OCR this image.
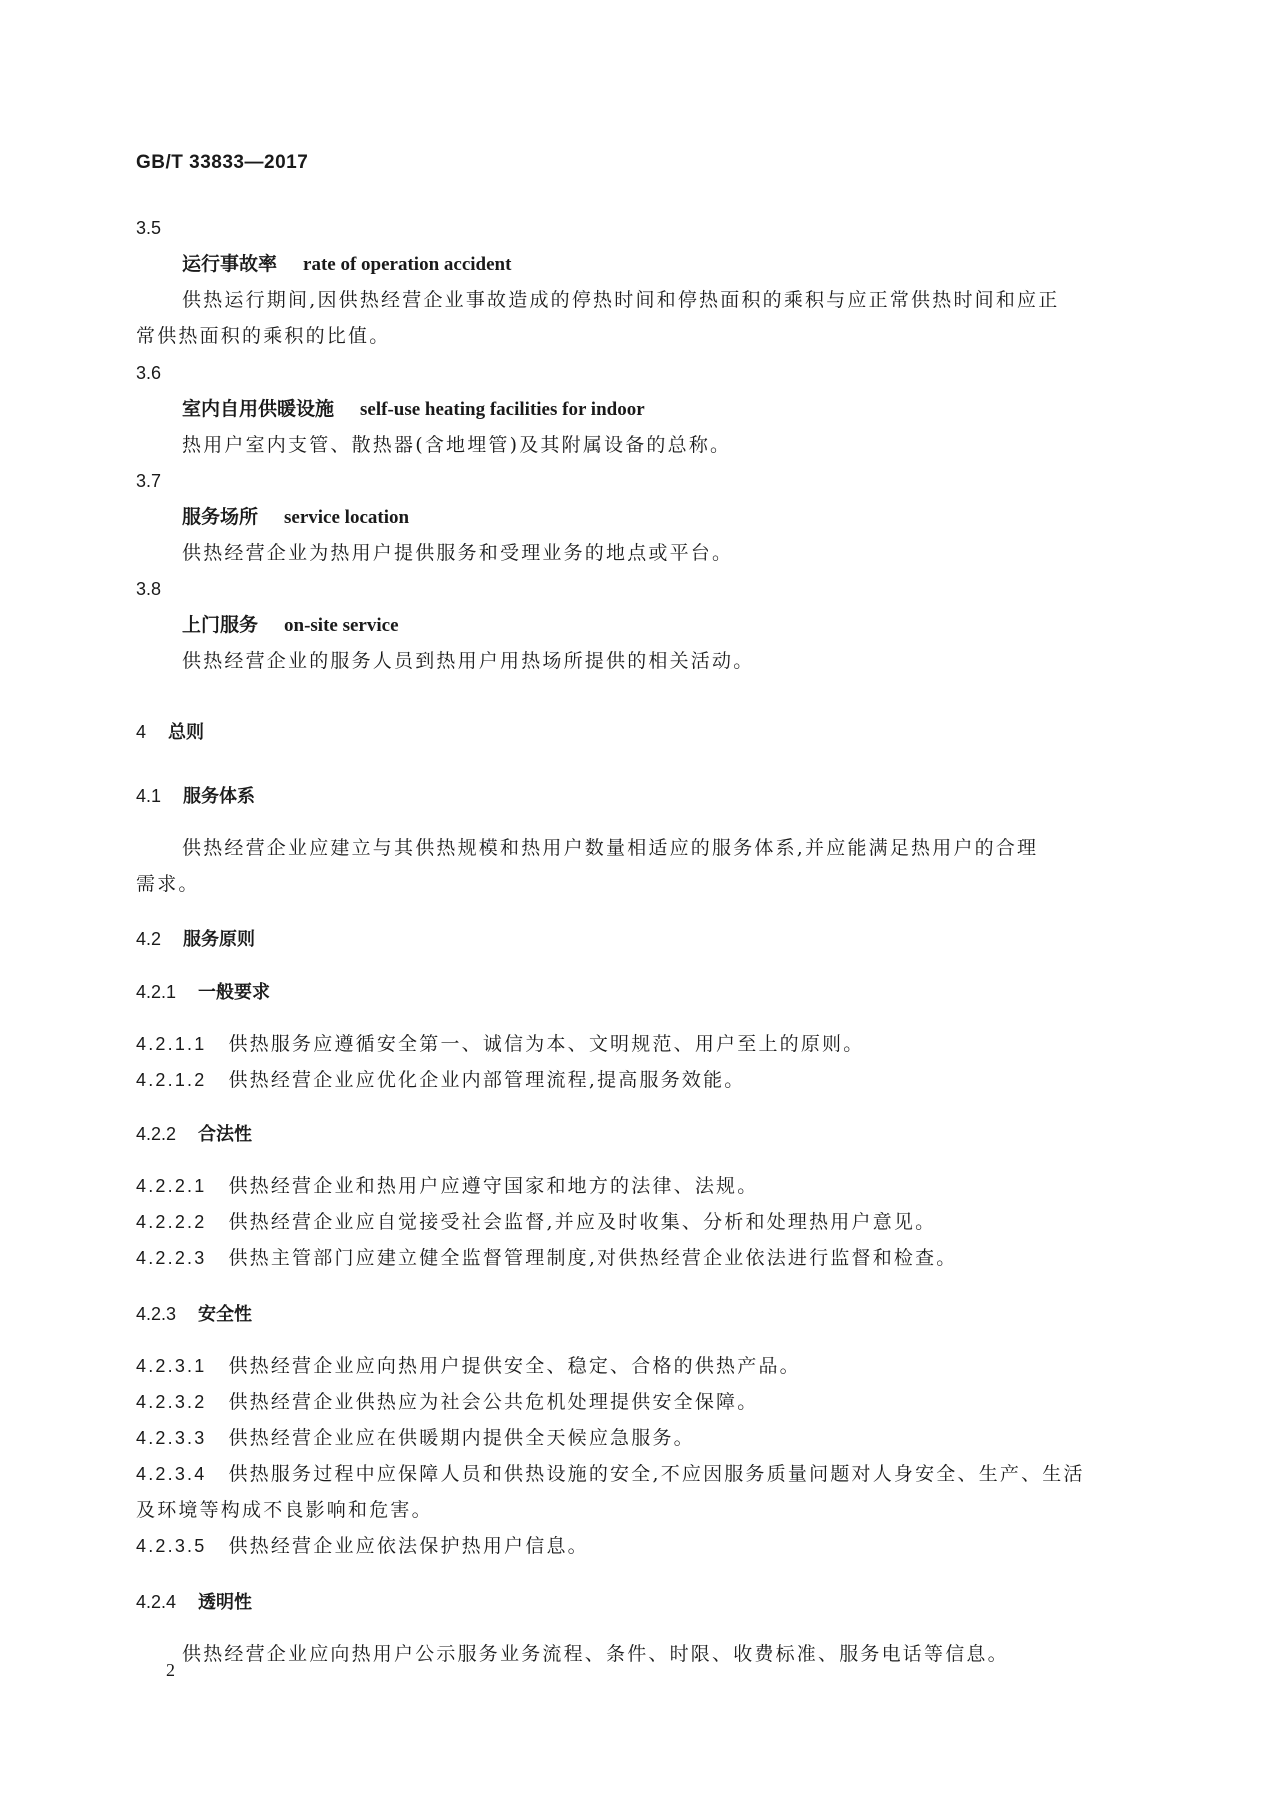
GB/T 33833—2017
3.5
运行事故率 rate of operation accident
供热运行期间,因供热经营企业事故造成的停热时间和停热面积的乘积与应正常供热时间和应正
常供热面积的乘积的比值。
3.6
室内自用供暖设施 self-use heating facilities for indoor
热用户室内支管、散热器(含地埋管)及其附属设备的总称。
3.7
服务场所 service location
供热经营企业为热用户提供服务和受理业务的地点或平台。
3.8
上门服务 on-site service
供热经营企业的服务人员到热用户用热场所提供的相关活动。
4 总则
4.1 服务体系
供热经营企业应建立与其供热规模和热用户数量相适应的服务体系,并应能满足热用户的合理
需求。
4.2 服务原则
4.2.1 一般要求
4.2.1.1 供热服务应遵循安全第一、诚信为本、文明规范、用户至上的原则。
4.2.1.2 供热经营企业应优化企业内部管理流程,提高服务效能。
4.2.2 合法性
4.2.2.1 供热经营企业和热用户应遵守国家和地方的法律、法规。
4.2.2.2 供热经营企业应自觉接受社会监督,并应及时收集、分析和处理热用户意见。
4.2.2.3 供热主管部门应建立健全监督管理制度,对供热经营企业依法进行监督和检查。
4.2.3 安全性
4.2.3.1 供热经营企业应向热用户提供安全、稳定、合格的供热产品。
4.2.3.2 供热经营企业供热应为社会公共危机处理提供安全保障。
4.2.3.3 供热经营企业应在供暖期内提供全天候应急服务。
4.2.3.4 供热服务过程中应保障人员和供热设施的安全,不应因服务质量问题对人身安全、生产、生活
及环境等构成不良影响和危害。
4.2.3.5 供热经营企业应依法保护热用户信息。
4.2.4 透明性
供热经营企业应向热用户公示服务业务流程、条件、时限、收费标准、服务电话等信息。
2
